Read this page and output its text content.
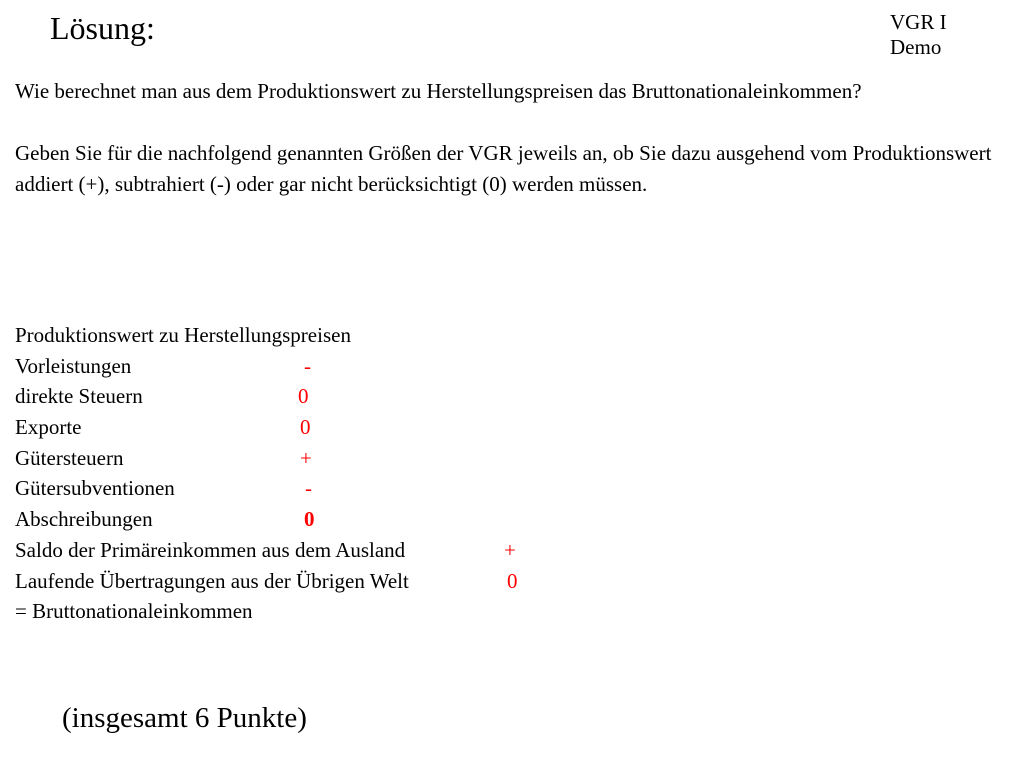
Lösung:	VGR I
Demo

Wie berechnet man aus dem Produktionswert zu Herstellungspreisen das Bruttonationaleinkommen?

Geben Sie für die nachfolgend genannten Größen der VGR jeweils an, ob Sie dazu ausgehend vom Produktionswert addiert (+), subtrahiert (-) oder gar nicht berücksichtigt (0) werden müssen.

Produktionswert zu Herstellungspreisen
Vorleistungen	-
direkte Steuern	0
Exporte	0
Gütersteuern	+
Gütersubventionen	-
Abschreibungen	0
Saldo der Primäreinkommen aus dem Ausland	+
Laufende Übertragungen aus der Übrigen Welt	0
= Bruttonationaleinkommen
(insgesamt 6 Punkte)
